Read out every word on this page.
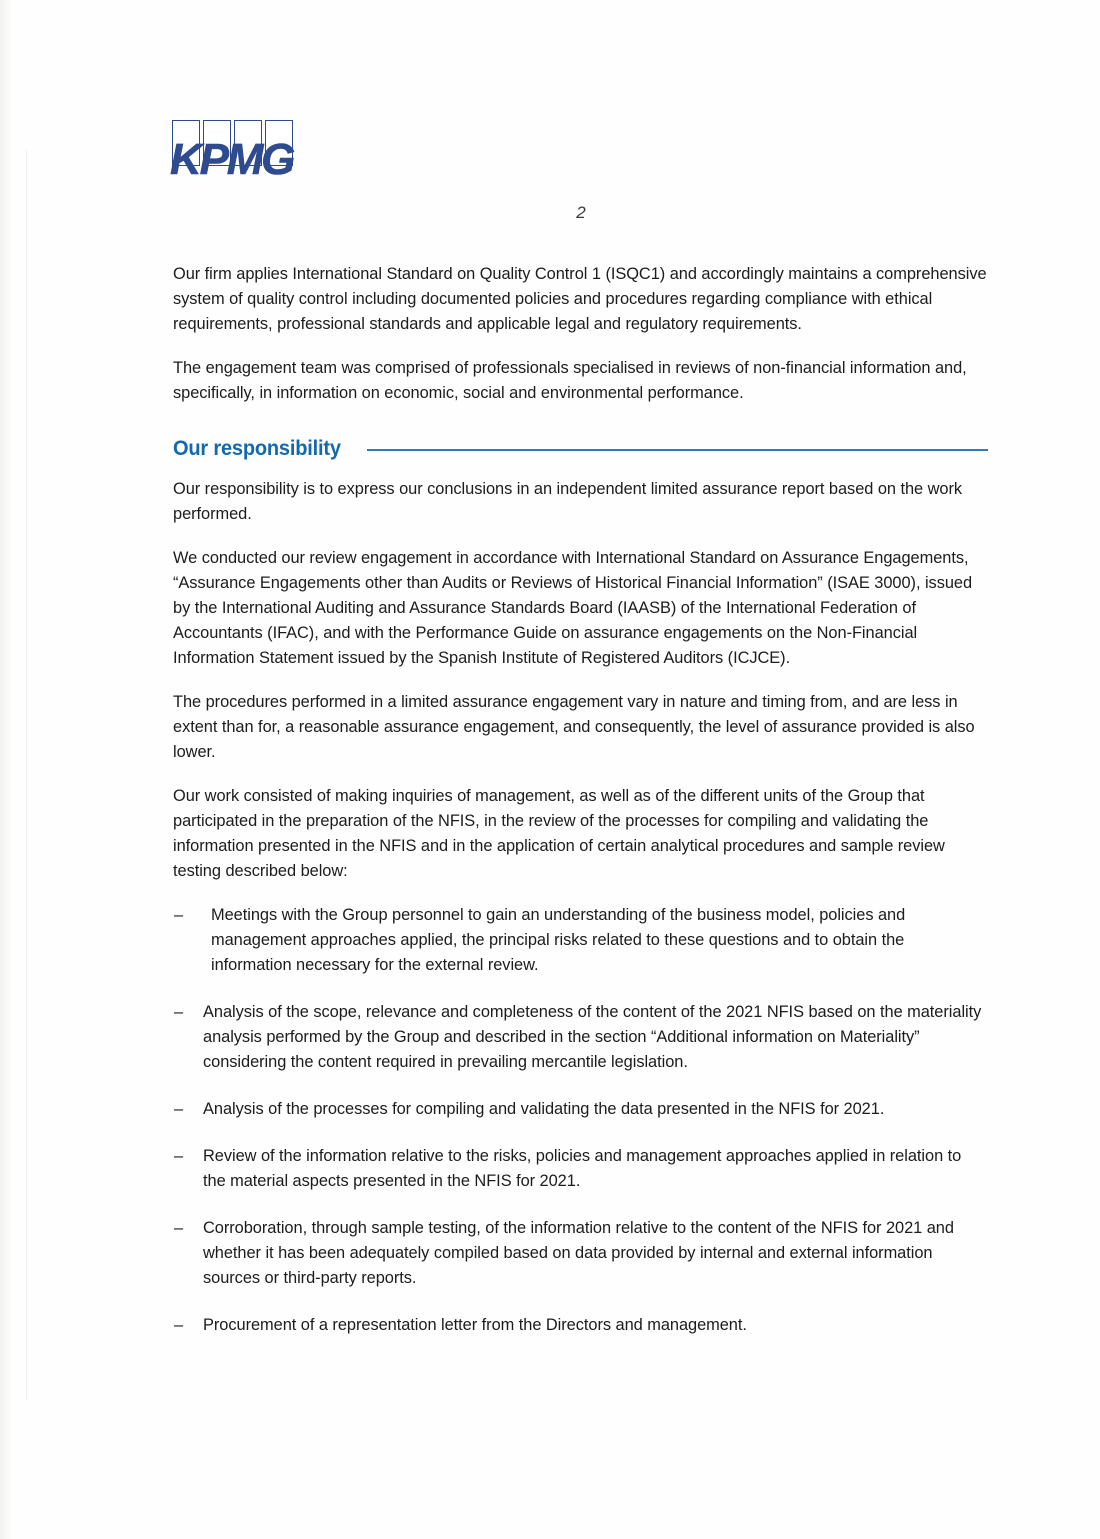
KPMG
2

Our firm applies International Standard on Quality Control 1 (ISQC1) and accordingly maintains a comprehensive system of quality control including documented policies and procedures regarding compliance with ethical requirements, professional standards and applicable legal and regulatory requirements.

The engagement team was comprised of professionals specialised in reviews of non-financial information and, specifically, in information on economic, social and environmental performance.

Our responsibility

Our responsibility is to express our conclusions in an independent limited assurance report based on the work performed.

We conducted our review engagement in accordance with International Standard on Assurance Engagements, “Assurance Engagements other than Audits or Reviews of Historical Financial Information” (ISAE 3000), issued by the International Auditing and Assurance Standards Board (IAASB) of the International Federation of Accountants (IFAC), and with the Performance Guide on assurance engagements on the Non-Financial Information Statement issued by the Spanish Institute of Registered Auditors (ICJCE).

The procedures performed in a limited assurance engagement vary in nature and timing from, and are less in extent than for, a reasonable assurance engagement, and consequently, the level of assurance provided is also lower.

Our work consisted of making inquiries of management, as well as of the different units of the Group that participated in the preparation of the NFIS, in the review of the processes for compiling and validating the information presented in the NFIS and in the application of certain analytical procedures and sample review testing described below:

– Meetings with the Group personnel to gain an understanding of the business model, policies and management approaches applied, the principal risks related to these questions and to obtain the information necessary for the external review.
– Analysis of the scope, relevance and completeness of the content of the 2021 NFIS based on the materiality analysis performed by the Group and described in the section “Additional information on Materiality” considering the content required in prevailing mercantile legislation.
– Analysis of the processes for compiling and validating the data presented in the NFIS for 2021.
– Review of the information relative to the risks, policies and management approaches applied in relation to the material aspects presented in the NFIS for 2021.
– Corroboration, through sample testing, of the information relative to the content of the NFIS for 2021 and whether it has been adequately compiled based on data provided by internal and external information sources or third-party reports.
– Procurement of a representation letter from the Directors and management.
